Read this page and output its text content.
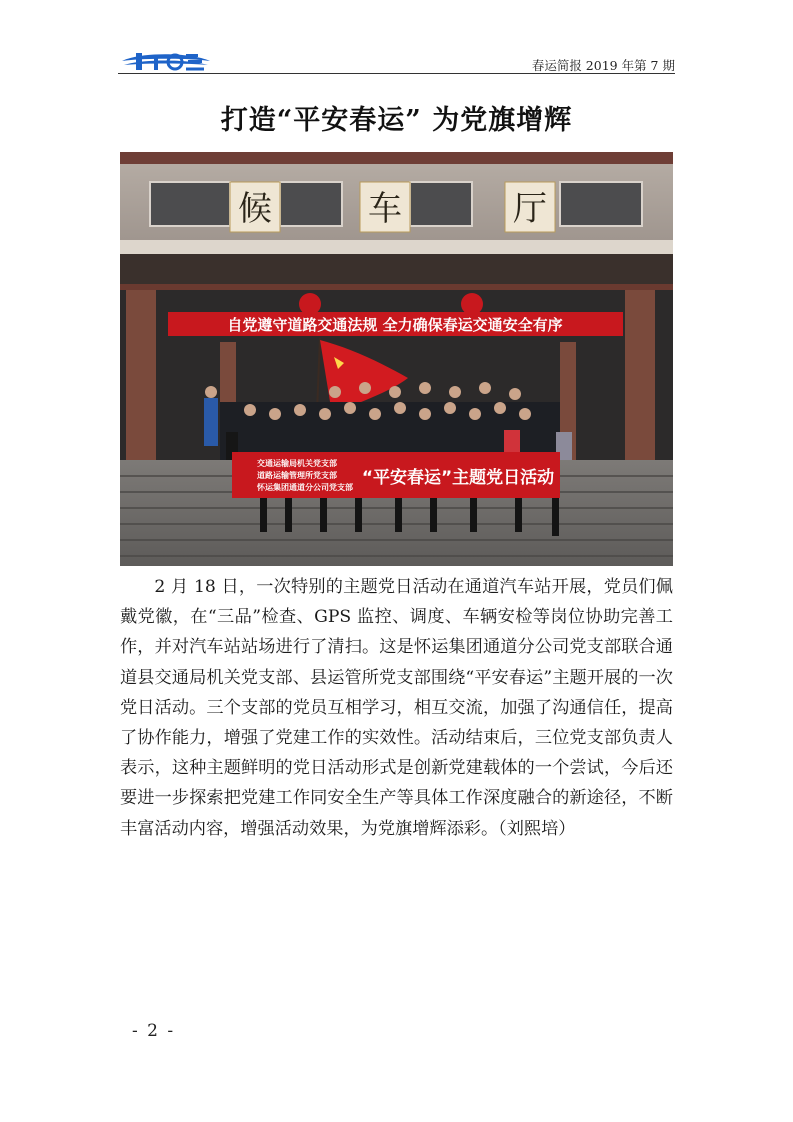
春运简报 2019 年第 7 期
打造“平安春运” 为党旗增辉
候	车	厅
自党遵守道路交通法规 全力确保春运交通安全有序
交通运输局机关党支部
道路运输管理所党支部
怀运集团通道分公司党支部 “平安春运”主题党日活动
2 月 18 日，一次特别的主题党日活动在通道汽车站开展，党员们佩戴党徽，在“三品”检查、GPS 监控、调度、车辆安检等岗位协助完善工作，并对汽车站站场进行了清扫。这是怀运集团通道分公司党支部联合通道县交通局机关党支部、县运管所党支部围绕“平安春运”主题开展的一次党日活动。三个支部的党员互相学习，相互交流，加强了沟通信任，提高了协作能力，增强了党建工作的实效性。活动结束后，三位党支部负责人表示，这种主题鲜明的党日活动形式是创新党建载体的一个尝试，今后还要进一步探索把党建工作同安全生产等具体工作深度融合的新途径，不断丰富活动内容，增强活动效果，为党旗增辉添彩。（刘熙培）
- 2 -
